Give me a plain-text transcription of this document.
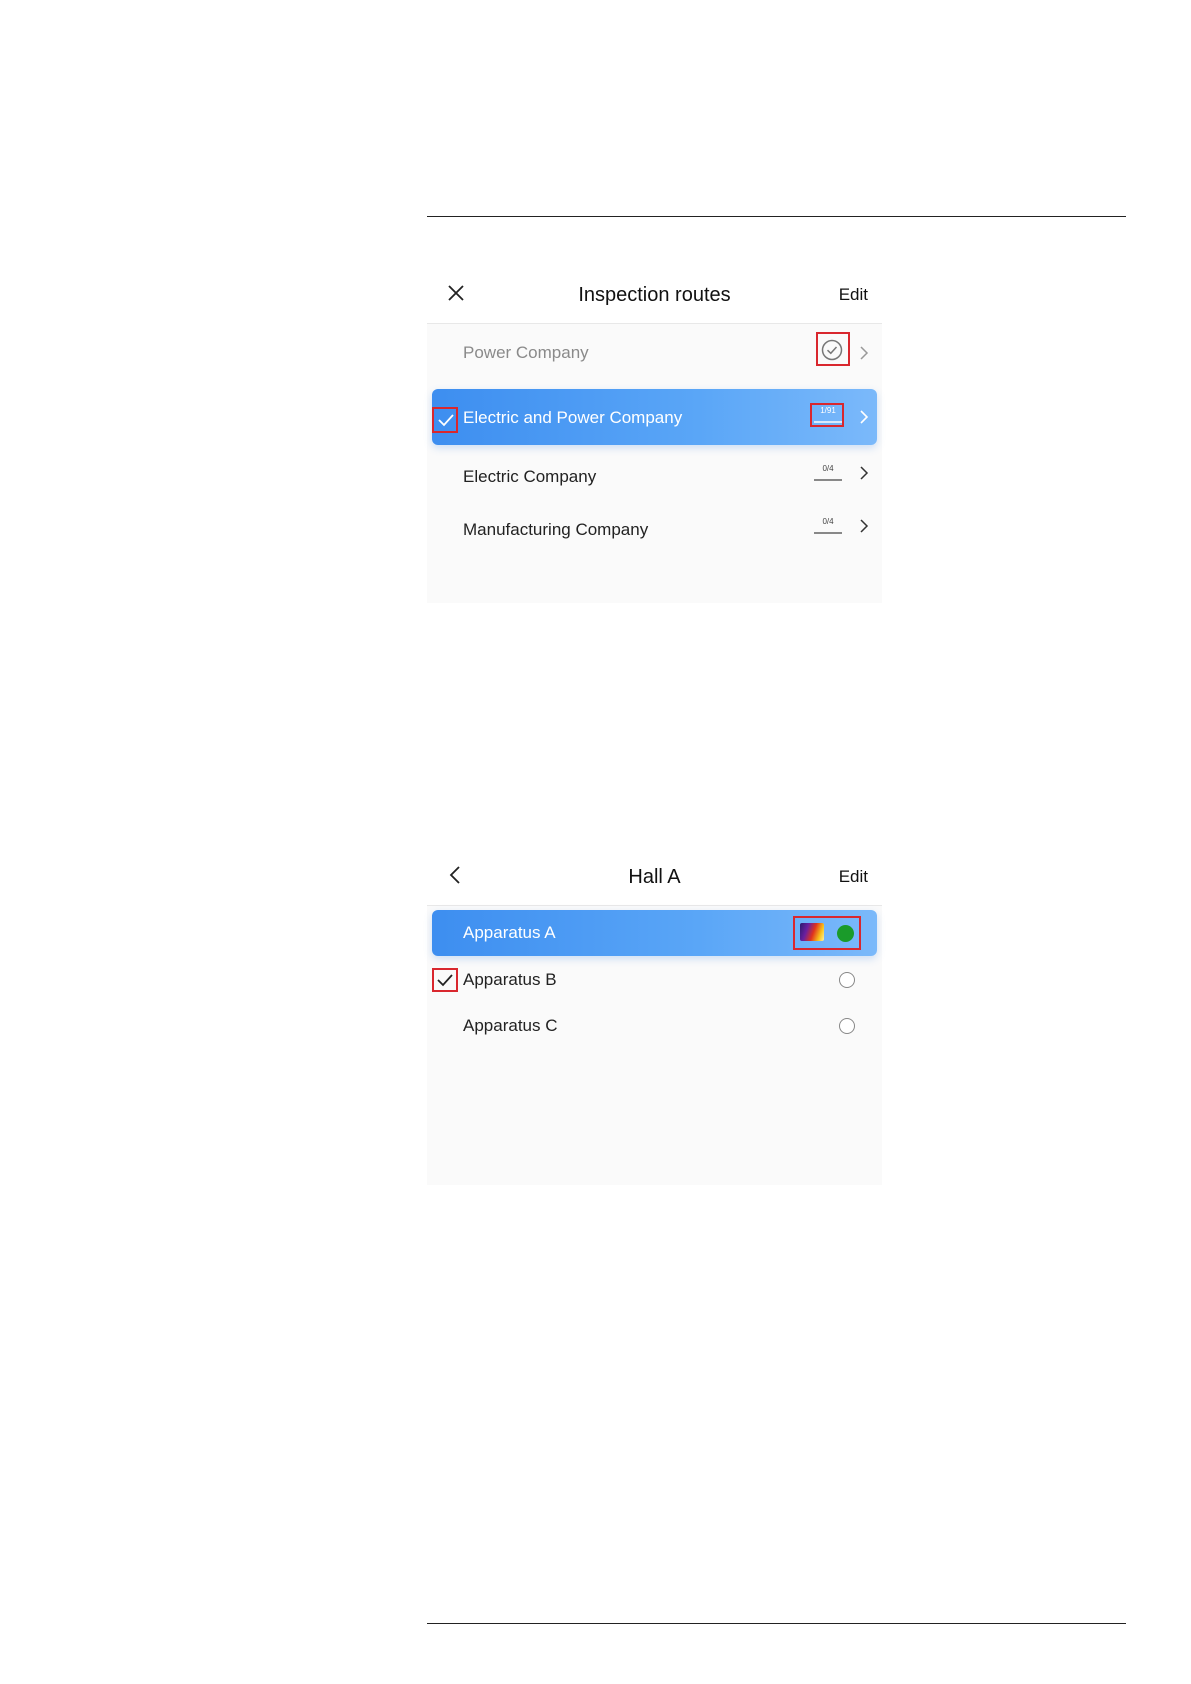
Inspection routes	Edit
Power Company
Electric and Power Company	1/91
Electric Company	0/4
Manufacturing Company	0/4
Hall A	Edit
Apparatus A
Apparatus B
Apparatus C
